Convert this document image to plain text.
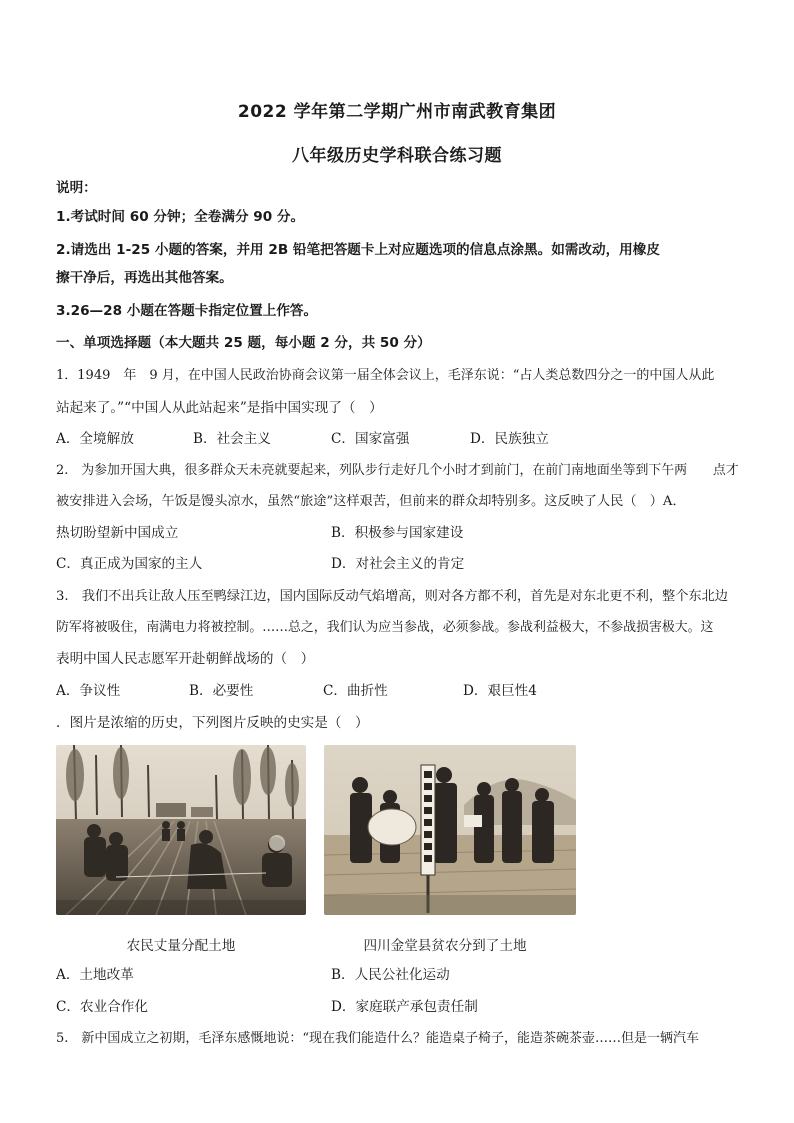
2022 学年第二学期广州市南武教育集团
八年级历史学科联合练习题
说明：
1.考试时间 60 分钟；全卷满分 90 分。
2.请选出 1-25 小题的答案，并用 2B 铅笔把答题卡上对应题选项的信息点涂黑。如需改动，用橡皮
擦干净后，再选出其他答案。
3.26—28 小题在答题卡指定位置上作答。
一、单项选择题（本大题共 25 题，每小题 2 分，共 50 分）
1．1949　年　9 月，在中国人民政治协商会议第一届全体会议上，毛泽东说：“占人类总数四分之一的中国人从此
站起来了。”“中国人从此站起来”是指中国实现了（　）
A．全境解放	B．社会主义	C．国家富强	D．民族独立
2.　为参加开国大典，很多群众天未亮就要起来，列队步行走好几个小时才到前门，在前门南地面坐等到下午两　　点才
被安排进入会场，午饭是馒头凉水，虽然“旅途”这样艰苦，但前来的群众却特别多。这反映了人民（　）A．
热切盼望新中国成立	B．积极参与国家建设
C．真正成为国家的主人	D．对社会主义的肯定
3.　我们不出兵让敌人压至鸭绿江边，国内国际反动气焰增高，则对各方都不利，首先是对东北更不利，整个东北边
防军将被吸住，南满电力将被控制。……总之，我们认为应当参战，必须参战。参战利益极大，不参战损害极大。这
表明中国人民志愿军开赴朝鲜战场的（　）
A．争议性	B．必要性	C．曲折性	D．艰巨性4
．图片是浓缩的历史，下列图片反映的史实是（　）
农民丈量分配土地	四川金堂县贫农分到了土地
A．土地改革	B．人民公社化运动
C．农业合作化	D．家庭联产承包责任制
5.　新中国成立之初期，毛泽东感慨地说：“现在我们能造什么？能造桌子椅子，能造茶碗茶壶……但是一辆汽车
